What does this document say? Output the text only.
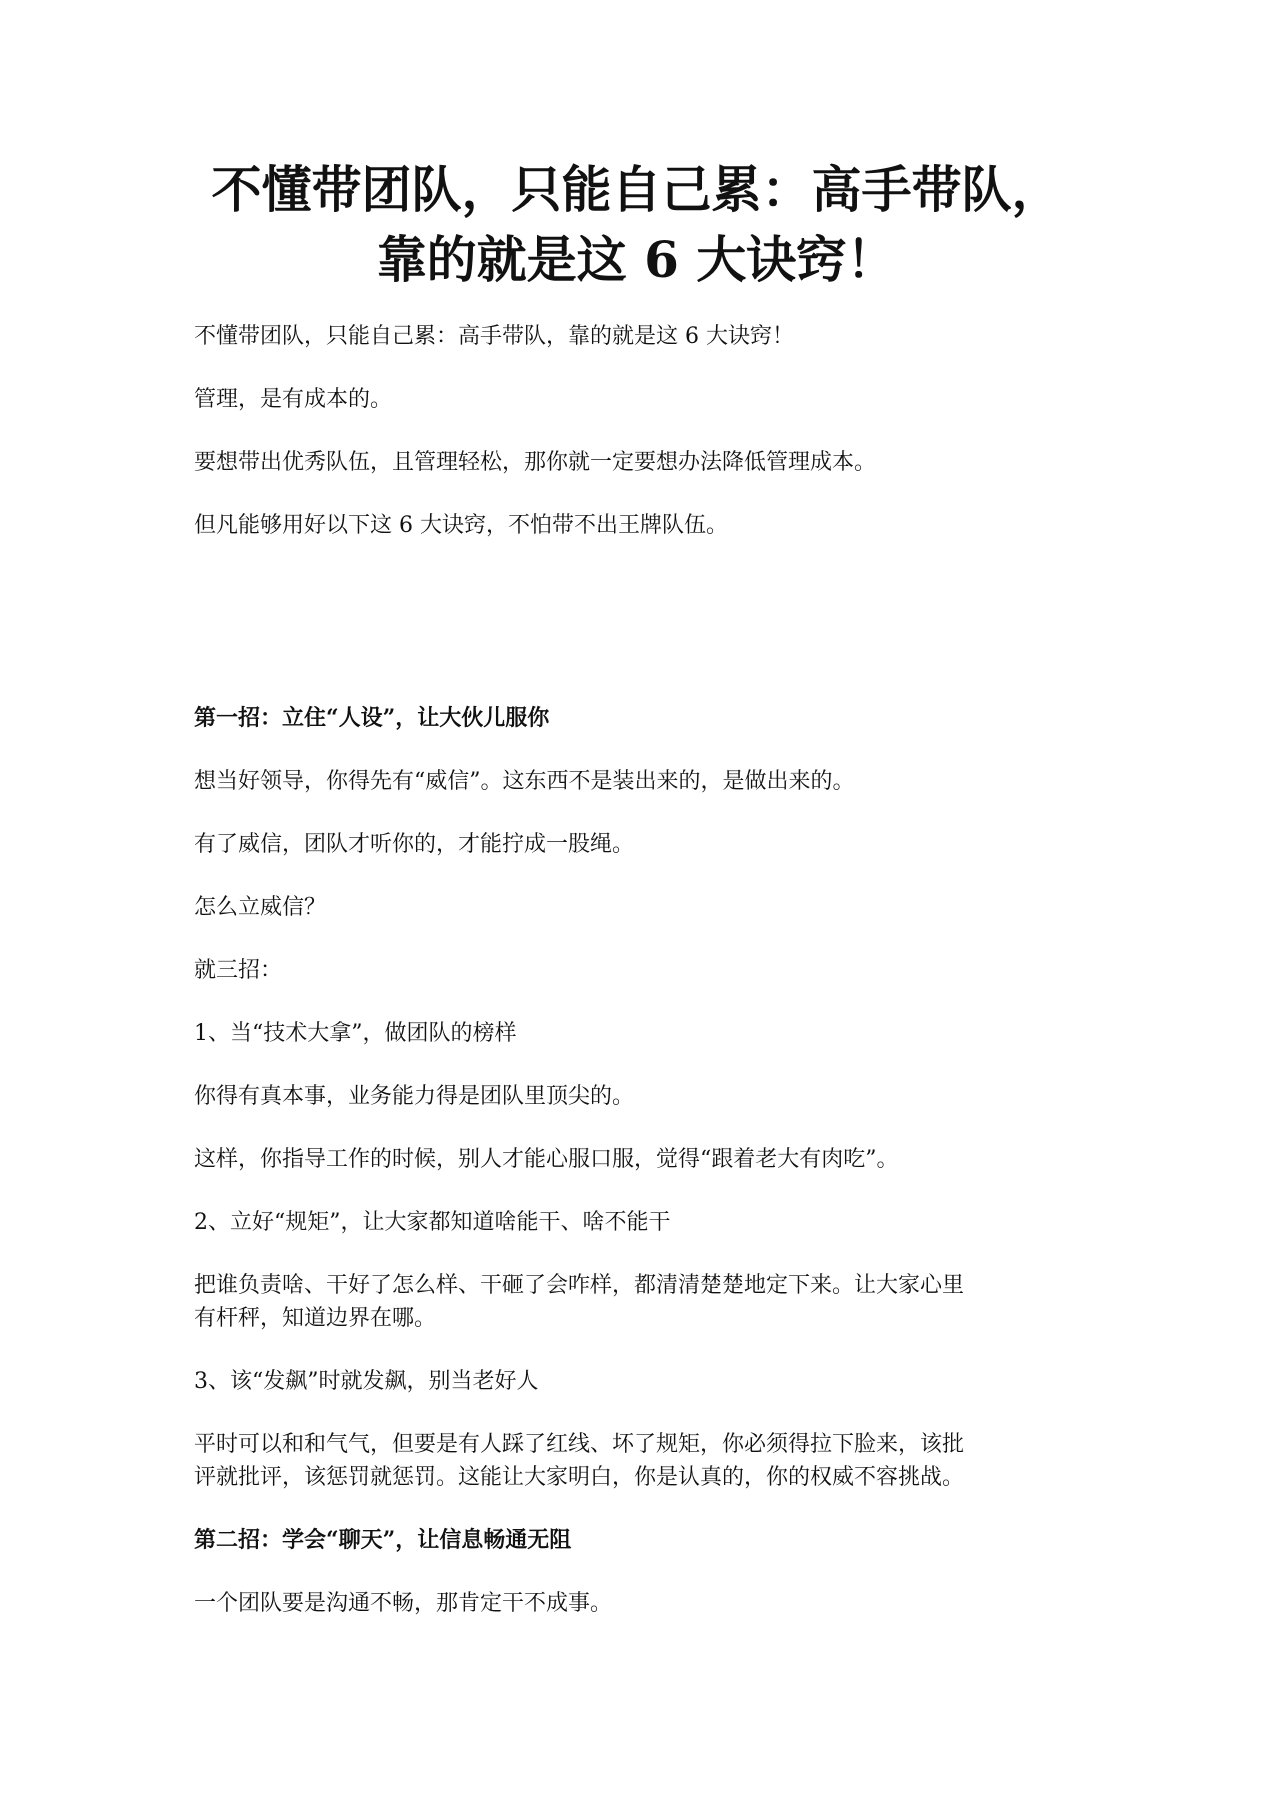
不懂带团队，只能自己累：高手带队，
靠的就是这 6 大诀窍！

不懂带团队，只能自己累：高手带队，靠的就是这 6 大诀窍！

管理，是有成本的。

要想带出优秀队伍，且管理轻松，那你就一定要想办法降低管理成本。

但凡能够用好以下这 6 大诀窍，不怕带不出王牌队伍。

第一招：立住“人设”，让大伙儿服你

想当好领导，你得先有“威信”。这东西不是装出来的，是做出来的。

有了威信，团队才听你的，才能拧成一股绳。

怎么立威信？

就三招：

1、当“技术大拿”，做团队的榜样

你得有真本事，业务能力得是团队里顶尖的。

这样，你指导工作的时候，别人才能心服口服，觉得“跟着老大有肉吃”。

2、立好“规矩”，让大家都知道啥能干、啥不能干

把谁负责啥、干好了怎么样、干砸了会咋样，都清清楚楚地定下来。让大家心里

有杆秤，知道边界在哪。

3、该“发飙”时就发飙，别当老好人

平时可以和和气气，但要是有人踩了红线、坏了规矩，你必须得拉下脸来，该批

评就批评，该惩罚就惩罚。这能让大家明白，你是认真的，你的权威不容挑战。

第二招：学会“聊天”，让信息畅通无阻

一个团队要是沟通不畅，那肯定干不成事。
